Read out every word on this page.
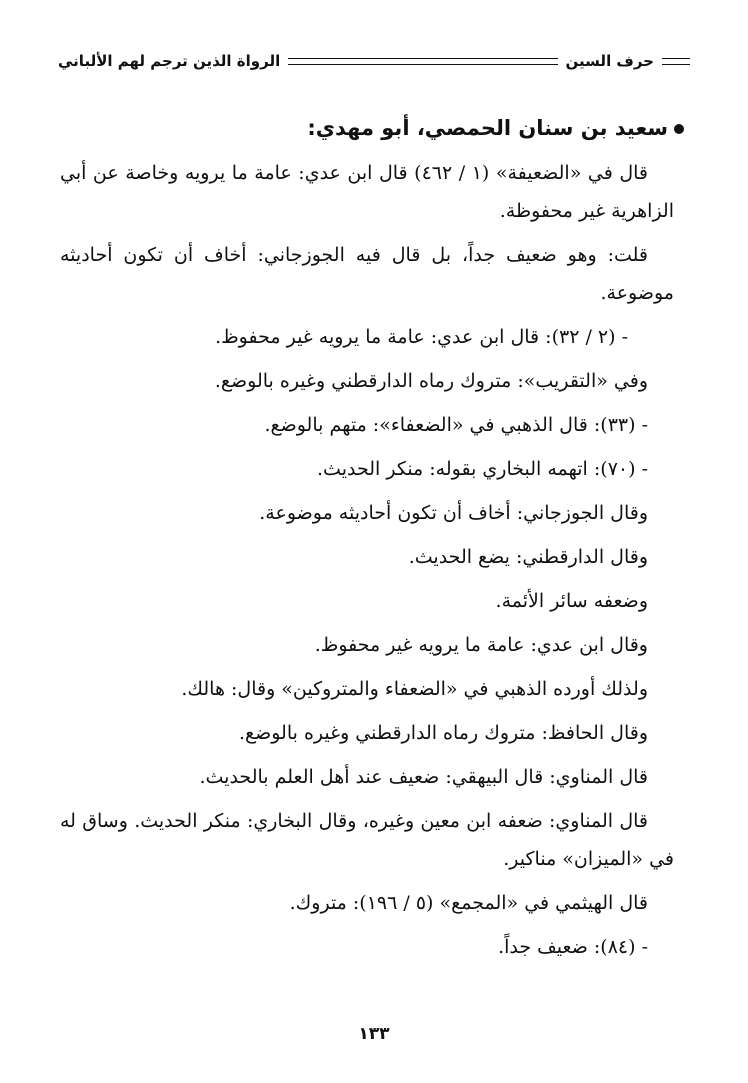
حرف السين
الرواة الذين ترجم لهم الألباني
سعيد بن سنان الحمصي، أبو مهدي:

قال في «الضعيفة» (١ / ٤٦٢) قال ابن عدي: عامة ما يرويه وخاصة عن أبي الزاهرية غير محفوظة.

قلت: وهو ضعيف جداً، بل قال فيه الجوزجاني: أخاف أن تكون أحاديثه موضوعة.

- (٢ / ٣٢): قال ابن عدي: عامة ما يرويه غير محفوظ.
وفي «التقريب»: متروك رماه الدارقطني وغيره بالوضع.
- (٣٣): قال الذهبي في «الضعفاء»: متهم بالوضع.
- (٧٠): اتهمه البخاري بقوله: منكر الحديث.
وقال الجوزجاني: أخاف أن تكون أحاديثه موضوعة.
وقال الدارقطني: يضع الحديث.
وضعفه سائر الأئمة.
وقال ابن عدي: عامة ما يرويه غير محفوظ.
ولذلك أورده الذهبي في «الضعفاء والمتروكين» وقال: هالك.
وقال الحافظ: متروك رماه الدارقطني وغيره بالوضع.
قال المناوي: قال البيهقي: ضعيف عند أهل العلم بالحديث.

قال المناوي: ضعفه ابن معين وغيره، وقال البخاري: منكر الحديث. وساق له في «الميزان» مناكير.

قال الهيثمي في «المجمع» (٥ / ١٩٦): متروك.
- (٨٤): ضعيف جداً.
١٣٣
